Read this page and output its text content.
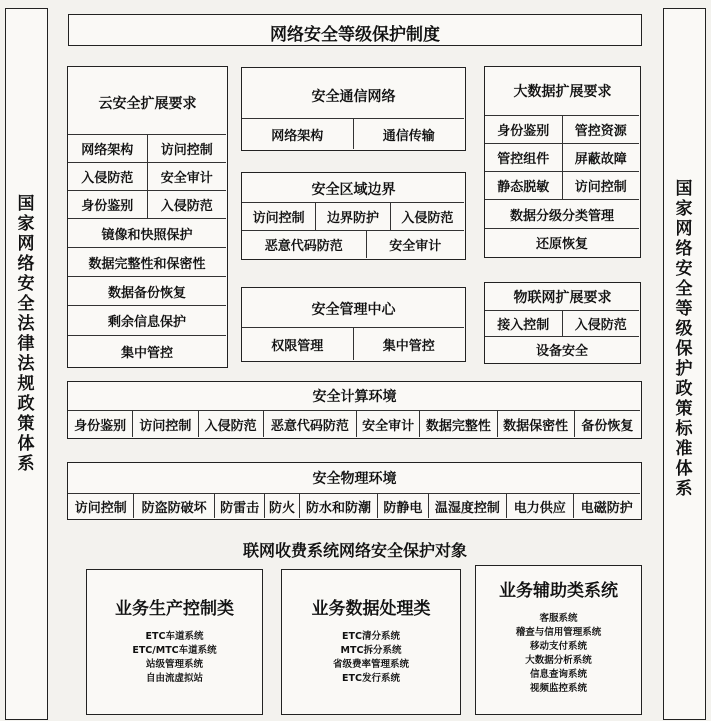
国
家
网
络
安
全
法
律
法
规
政
策
体
系
国
家
网
络
安
全
等
级
保
护
政
策
标
准
体
系
网络安全等级保护制度
云安全扩展要求
网络架构	访问控制
入侵防范	安全审计
身份鉴别	入侵防范
镜像和快照保护
数据完整性和保密性
数据备份恢复
剩余信息保护
集中管控
安全通信网络
网络架构	通信传输
安全区域边界
访问控制	边界防护	入侵防范
恶意代码防范	安全审计
安全管理中心
权限管理	集中管控
大数据扩展要求
身份鉴别	管控资源
管控组件	屏蔽故障
静态脱敏	访问控制
数据分级分类管理
还原恢复
物联网扩展要求
接入控制	入侵防范
设备安全
安全计算环境
身份鉴别	访问控制	入侵防范	恶意代码防范	安全审计 数据完整性 数据保密性	备份恢复
安全物理环境
访问控制	防盗防破坏	防雷击 防火 防水和防潮 防静电 温湿度控制	电力供应	电磁防护
联网收费系统网络安全保护对象
业务生产控制类
ETC车道系统
ETC/MTC车道系统
站级管理系统
自由流虚拟站
业务数据处理类
ETC清分系统
MTC拆分系统
省级费率管理系统
ETC发行系统
业务辅助类系统
客服系统
稽查与信用管理系统
移动支付系统
大数据分析系统
信息查询系统
视频监控系统
